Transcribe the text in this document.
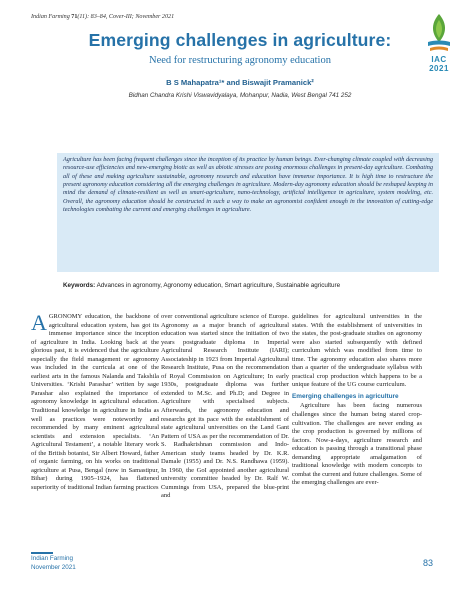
Indian Farming 71(11): 83–84, Cover-III; November 2021
IAC
2021
Emerging challenges in agriculture:
Need for restructuring agronomy education
B S Mahapatra¹* and Biswajit Pramanick²
Bidhan Chandra Krishi Viswavidyalaya, Mohanpur, Nadia, West Bengal 741 252
Agriculture has been facing frequent challenges since the inception of its practice by human beings. Ever-changing climate coupled with decreasing resource-use efficiencies and new-emerging biotic as well as abiotic stresses are posing enormous challenges in present-day agriculture. Combating all of these and making agriculture sustainable, agronomy research and education have immense importance. It is high time to restructure the present agronomy education considering all the emerging challenges in agriculture. Modern-day agronomy education should be reshaped keeping in mind the demand of climate-resilient as well as smart-agriculture, nano-technology, artificial intelligence in agriculture, system modeling, etc. Overall, the agronomy education should be constructed in such a way to make an agronomist confident enough in the innovation of cutting-edge technologies combating the current and emerging challenges in agriculture.
Keywords: Advances in agronomy, Agronomy education, Smart agriculture, Sustainable agriculture

AGRONOMY education, the backbone of agricultural education system, has got its immense importance since the inception of agriculture in India. Looking back at the glorious past, it is evidenced that the agriculture especially the field management or agronomy was included in the curricula at one of the earliest arts in the famous Nalanda and Takshila Universities. ‘Krishi Parashar’ written by sage Parashar also explained the importance of agronomy knowledge in agricultural education. Traditional knowledge in agriculture in India as well as practices were noteworthy and recommended by many eminent agricultural scientists and extension specialists. ‘An Agricultural Testament’, a notable literary work of the British botanist, Sir Albert Howard, father of organic farming, on his works on traditional agriculture at Pusa, Bengal (now in Samastipur, Bihar) during 1905–1924, has flattened superiority of traditional Indian farming practices

over conventional agriculture science of Europe. Agronomy as a major branch of agricultural education was started since the initiation of two years postgraduate diploma in Imperial Agricultural Research Institute (IARI); Associateship in 1923 from Imperial Agricultural Research Institute, Pusa on the recommendation of Royal Commission on Agriculture; In early 1930s, postgraduate diploma was further extended to M.Sc. and Ph.D; and Degree in Agriculture with specialised subjects. Afterwards, the agronomy education and researchs got its pace with the establishment of state agricultural universities on the Land Gant Pattern of USA as per the recommendation of Dr. S. Radhakrishnan commission and Indo-American study teams headed by Dr. K.R. Damale (1955) and Dr. N.S. Randhawa (1959). In 1960, the GoI appointed another agricultural university committee headed by Dr. Ralf W. Cummings from USA, prepared the blue-print and

guidelines for agricultural universities in the states. With the establishment of universities in the states, the post-graduate studies on agronomy were also started subsequently with defined curriculum which was modified from time to time. The agronomy education also shares more than a quarter of the undergraduate syllabus with practical crop production which happens to be a unique feature of the UG course curriculum.

Emerging challenges in agriculture

Agriculture has been facing numerous challenges since the human being stared crop-cultivation. The challenges are never ending as the crop production is governed by millions of factors. Now-a-days, agriculture research and education is passing through a transitional phase demanding appropriate amalgamation of traditional knowledge with modern concepts to combat the current and future challenges. Some of the emerging challenges are ever-

Indian Farming
November 2021	83
